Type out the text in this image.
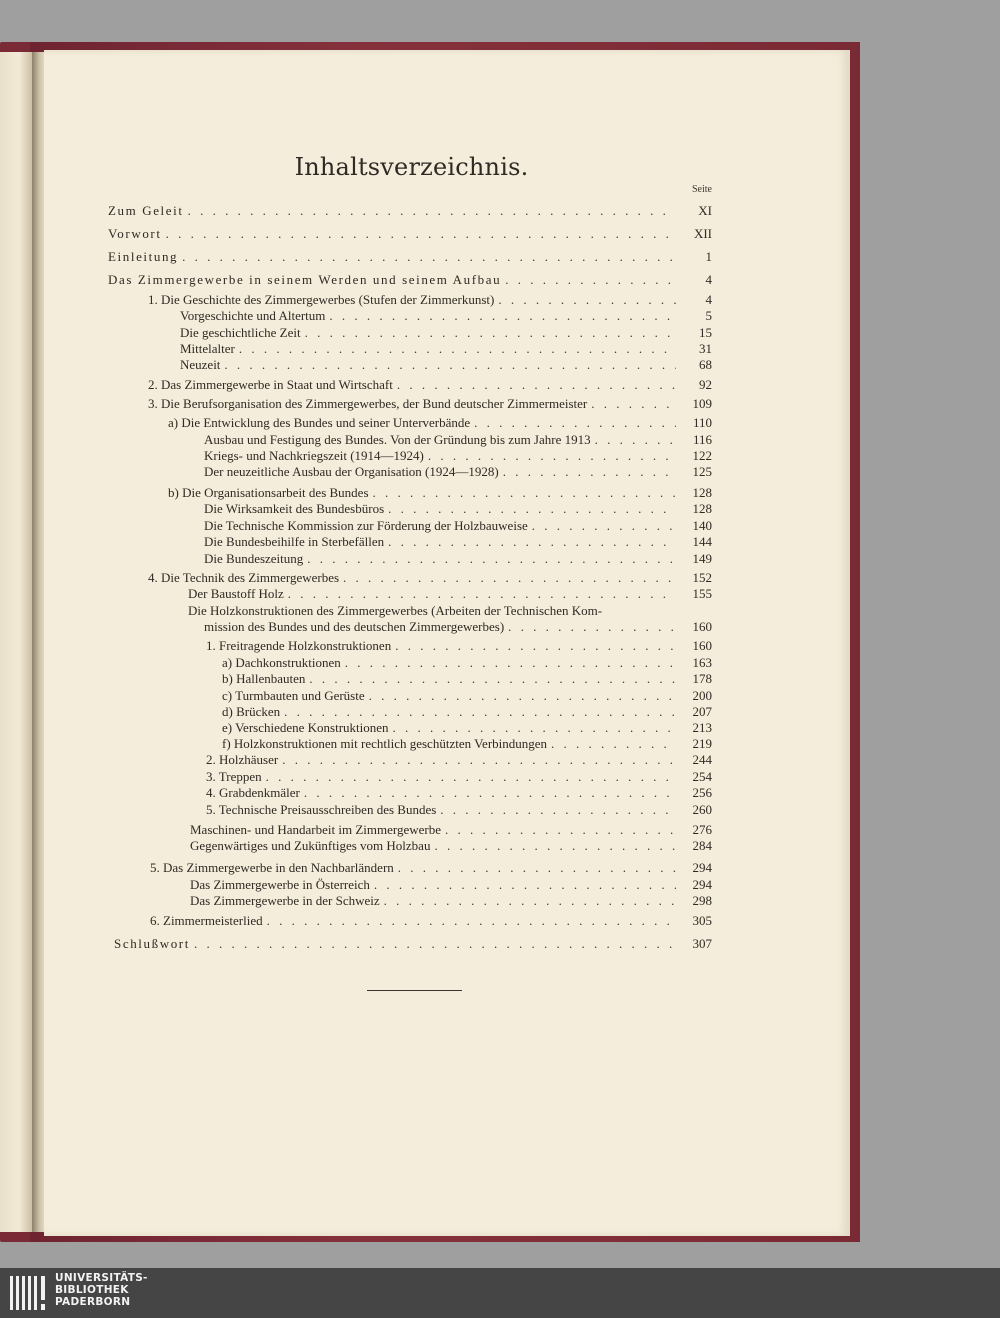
Inhaltsverzeichnis.
Seite
Zum Geleit . . .	XI
Vorwort . . .	XII
Einleitung . . .	1
Das Zimmergewerbe in seinem Werden und seinem Aufbau . . .	4
1. Die Geschichte des Zimmergewerbes (Stufen der Zimmerkunst) . . .	4
Vorgeschichte und Altertum . . .	5
Die geschichtliche Zeit . . .	15
Mittelalter . . .	31
Neuzeit . . .	68
2. Das Zimmergewerbe in Staat und Wirtschaft . . .	92
3. Die Berufsorganisation des Zimmergewerbes, der Bund deutscher Zimmermeister . . .	109
a) Die Entwicklung des Bundes und seiner Unterverbände . . .	110
Ausbau und Festigung des Bundes. Von der Gründung bis zum Jahre 1913 . . .	116
Kriegs- und Nachkriegszeit (1914—1924) . . .	122
Der neuzeitliche Ausbau der Organisation (1924—1928) . . .	125
b) Die Organisationsarbeit des Bundes . . .	128
Die Wirksamkeit des Bundesbüros . . .	128
Die Technische Kommission zur Förderung der Holzbauweise . . .	140
Die Bundesbeihilfe in Sterbefällen . . .	144
Die Bundeszeitung . . .	149
4. Die Technik des Zimmergewerbes . . .	152
Der Baustoff Holz . . .	155
Die Holzkonstruktionen des Zimmergewerbes (Arbeiten der Technischen Kom-
mission des Bundes und des deutschen Zimmergewerbes) . . .	160
1. Freitragende Holzkonstruktionen . . .	160
a) Dachkonstruktionen . . .	163
b) Hallenbauten . . .	178
c) Turmbauten und Gerüste . . .	200
d) Brücken . . .	207
e) Verschiedene Konstruktionen . . .	213
f) Holzkonstruktionen mit rechtlich geschützten Verbindungen . . .	219
2. Holzhäuser . . .	244
3. Treppen . . .	254
4. Grabdenkmäler . . .	256
5. Technische Preisausschreiben des Bundes . . .	260
Maschinen- und Handarbeit im Zimmergewerbe . . .	276
Gegenwärtiges und Zukünftiges vom Holzbau . . .	284
5. Das Zimmergewerbe in den Nachbarländern . . .	294
Das Zimmergewerbe in Österreich . . .	294
Das Zimmergewerbe in der Schweiz . . .	298
6. Zimmermeisterlied . . .	305
Schlußwort . . .	307
UNIVERSITÄTS-
BIBLIOTHEK
PADERBORN
